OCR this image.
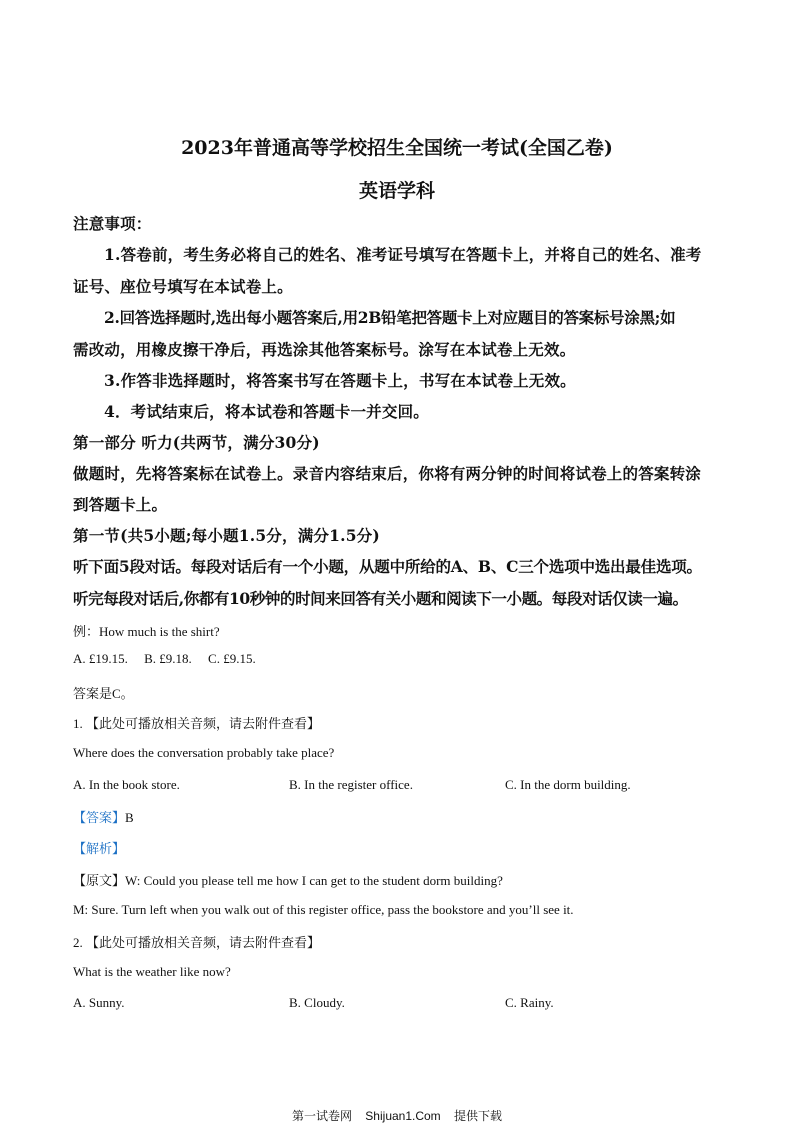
2023年普通高等学校招生全国统一考试(全国乙卷)
英语学科
注意事项：
1.答卷前，考生务必将自己的姓名、准考证号填写在答题卡上，并将自己的姓名、准考
证号、座位号填写在本试卷上。
2.回答选择题时,选出每小题答案后,用2B铅笔把答题卡上对应题目的答案标号涂黑;如
需改动，用橡皮擦干净后，再选涂其他答案标号。涂写在本试卷上无效。
3.作答非选择题时，将答案书写在答题卡上，书写在本试卷上无效。
4．考试结束后，将本试卷和答题卡一并交回。
第一部分 听力(共两节，满分30分)
做题时，先将答案标在试卷上。录音内容结束后，你将有两分钟的时间将试卷上的答案转涂
到答题卡上。
第一节(共5小题;每小题1.5分，满分1.5分)
听下面5段对话。每段对话后有一个小题，从题中所给的A、B、C三个选项中选出最佳选项。
听完每段对话后,你都有10秒钟的时间来回答有关小题和阅读下一小题。每段对话仅读一遍。
例：How much is the shirt?
A. £19.15.     B. £9.18.     C. £9.15.
答案是C。
1. 【此处可播放相关音频，请去附件查看】
Where does the conversation probably take place?
A. In the book store.	B. In the register office.	C. In the dorm building.
【答案】B
【解析】
【原文】W: Could you please tell me how I can get to the student dorm building?
M: Sure. Turn left when you walk out of this register office, pass the bookstore and you’ll see it.
2. 【此处可播放相关音频，请去附件查看】
What is the weather like now?
A. Sunny.	B. Cloudy.	C. Rainy.
第一试卷网    Shijuan1.Com    提供下载
